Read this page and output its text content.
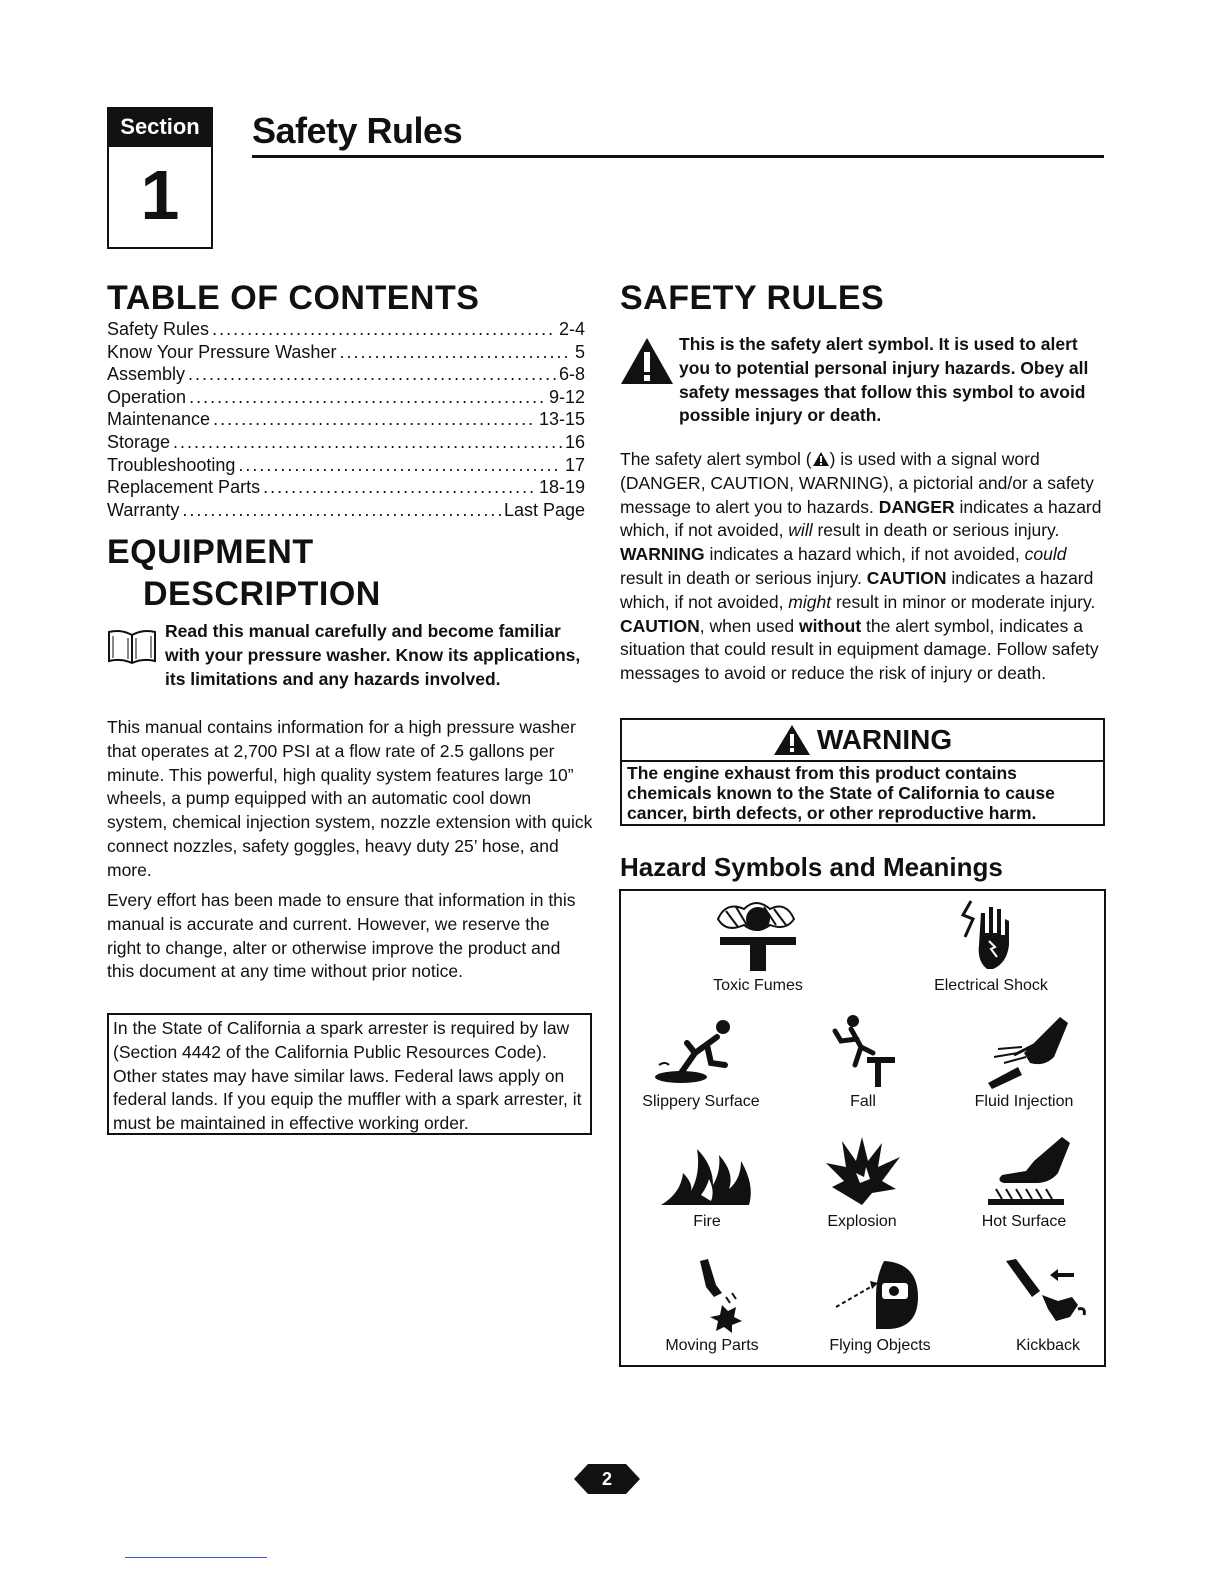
Section
1
Safety Rules
TABLE OF CONTENTS
Safety Rules .....	2-4
Know Your Pressure Washer .....	5
Assembly .....	6-8
Operation .....	9-12
Maintenance .....	13-15
Storage .....	16
Troubleshooting .....	17
Replacement Parts .....	18-19
Warranty .....	Last Page
EQUIPMENT
DESCRIPTION
Read this manual carefully and become familiar with your pressure washer. Know its applications, its limitations and any hazards involved.
This manual contains information for a high pressure washer that operates at 2,700 PSI at a flow rate of 2.5 gallons per minute. This powerful, high quality system features large 10” wheels, a pump equipped with an automatic cool down system, chemical injection system, nozzle extension with quick connect nozzles, safety goggles, heavy duty 25’ hose, and more.
Every effort has been made to ensure that information in this manual is accurate and current. However, we reserve the right to change, alter or otherwise improve the product and this document at any time without prior notice.
In the State of California a spark arrester is required by law (Section 4442 of the California Public Resources Code). Other states may have similar laws. Federal laws apply on federal lands. If you equip the muffler with a spark arrester, it must be maintained in effective working order.
SAFETY RULES
This is the safety alert symbol. It is used to alert you to potential personal injury hazards. Obey all safety messages that follow this symbol to avoid possible injury or death.
The safety alert symbol ( ) is used with a signal word (DANGER, CAUTION, WARNING), a pictorial and/or a safety message to alert you to hazards. DANGER indicates a hazard which, if not avoided, will result in death or serious injury. WARNING indicates a hazard which, if not avoided, could result in death or serious injury. CAUTION indicates a hazard which, if not avoided, might result in minor or moderate injury. CAUTION, when used without the alert symbol, indicates a situation that could result in equipment damage. Follow safety messages to avoid or reduce the risk of injury or death.
WARNING
The engine exhaust from this product contains chemicals known to the State of California to cause cancer, birth defects, or other reproductive harm.
Hazard Symbols and Meanings
Toxic Fumes	Electrical Shock
Slippery Surface	Fall	Fluid Injection
Fire	Explosion	Hot Surface
Moving Parts	Flying Objects	Kickback
2
